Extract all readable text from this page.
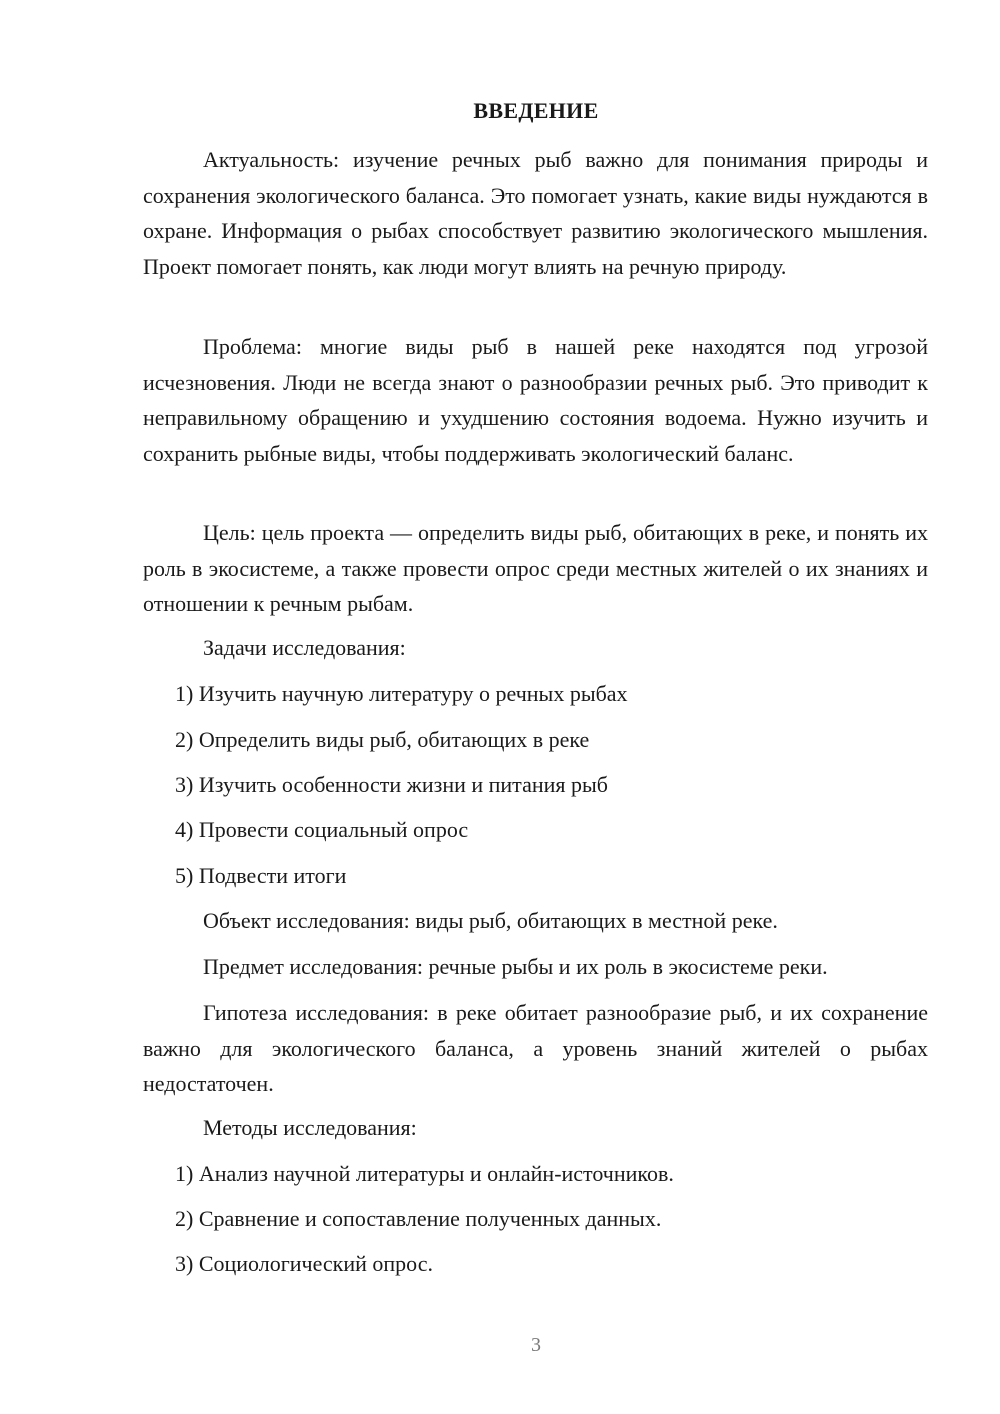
ВВЕДЕНИЕ

Актуальность: изучение речных рыб важно для понимания природы и сохранения экологического баланса. Это помогает узнать, какие виды нуждаются в охране. Информация о рыбах способствует развитию экологического мышления. Проект помогает понять, как люди могут влиять на речную природу.

Проблема: многие виды рыб в нашей реке находятся под угрозой исчезновения. Люди не всегда знают о разнообразии речных рыб. Это приводит к неправильному обращению и ухудшению состояния водоема. Нужно изучить и сохранить рыбные виды, чтобы поддерживать экологический баланс.

Цель: цель проекта — определить виды рыб, обитающих в реке, и понять их роль в экосистеме, а также провести опрос среди местных жителей о их знаниях и отношении к речным рыбам.

Задачи исследования:
1) Изучить научную литературу о речных рыбах
2) Определить виды рыб, обитающих в реке
3) Изучить особенности жизни и питания рыб
4) Провести социальный опрос
5) Подвести итоги
Объект исследования: виды рыб, обитающих в местной реке.
Предмет исследования: речные рыбы и их роль в экосистеме реки.

Гипотеза исследования: в реке обитает разнообразие рыб, и их сохранение важно для экологического баланса, а уровень знаний жителей о рыбах недостаточен.

Методы исследования:
1) Анализ научной литературы и онлайн-источников.
2) Сравнение и сопоставление полученных данных.
3) Социологический опрос.
3
